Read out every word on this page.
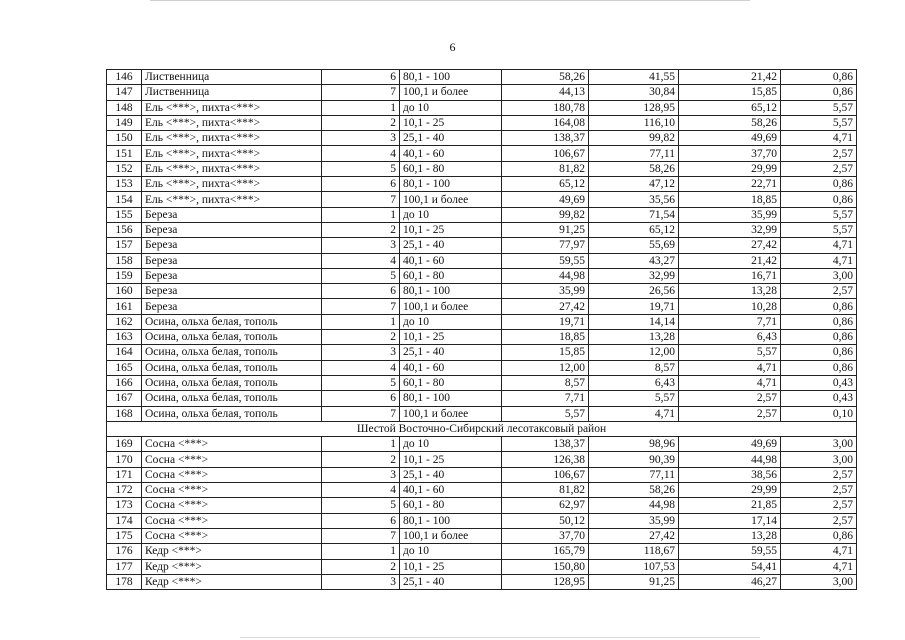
6
146	Лиственница	6	80,1 - 100	58,26	41,55	21,42	0,86
147	Лиственница	7	100,1 и более	44,13	30,84	15,85	0,86
148	Ель <***>, пихта<***>	1	до 10	180,78	128,95	65,12	5,57
149	Ель <***>, пихта<***>	2	10,1 - 25	164,08	116,10	58,26	5,57
150	Ель <***>, пихта<***>	3	25,1 - 40	138,37	99,82	49,69	4,71
151	Ель <***>, пихта<***>	4	40,1 - 60	106,67	77,11	37,70	2,57
152	Ель <***>, пихта<***>	5	60,1 - 80	81,82	58,26	29,99	2,57
153	Ель <***>, пихта<***>	6	80,1 - 100	65,12	47,12	22,71	0,86
154	Ель <***>, пихта<***>	7	100,1 и более	49,69	35,56	18,85	0,86
155	Береза	1	до 10	99,82	71,54	35,99	5,57
156	Береза	2	10,1 - 25	91,25	65,12	32,99	5,57
157	Береза	3	25,1 - 40	77,97	55,69	27,42	4,71
158	Береза	4	40,1 - 60	59,55	43,27	21,42	4,71
159	Береза	5	60,1 - 80	44,98	32,99	16,71	3,00
160	Береза	6	80,1 - 100	35,99	26,56	13,28	2,57
161	Береза	7	100,1 и более	27,42	19,71	10,28	0,86
162	Осина, ольха белая, тополь	1	до 10	19,71	14,14	7,71	0,86
163	Осина, ольха белая, тополь	2	10,1 - 25	18,85	13,28	6,43	0,86
164	Осина, ольха белая, тополь	3	25,1 - 40	15,85	12,00	5,57	0,86
165	Осина, ольха белая, тополь	4	40,1 - 60	12,00	8,57	4,71	0,86
166	Осина, ольха белая, тополь	5	60,1 - 80	8,57	6,43	4,71	0,43
167	Осина, ольха белая, тополь	6	80,1 - 100	7,71	5,57	2,57	0,43
168	Осина, ольха белая, тополь	7	100,1 и более	5,57	4,71	2,57	0,10
Шестой Восточно-Сибирский лесотаксовый район							
169	Сосна <***>	1	до 10	138,37	98,96	49,69	3,00
170	Сосна <***>	2	10,1 - 25	126,38	90,39	44,98	3,00
171	Сосна <***>	3	25,1 - 40	106,67	77,11	38,56	2,57
172	Сосна <***>	4	40,1 - 60	81,82	58,26	29,99	2,57
173	Сосна <***>	5	60,1 - 80	62,97	44,98	21,85	2,57
174	Сосна <***>	6	80,1 - 100	50,12	35,99	17,14	2,57
175	Сосна <***>	7	100,1 и более	37,70	27,42	13,28	0,86
176	Кедр <***>	1	до 10	165,79	118,67	59,55	4,71
177	Кедр <***>	2	10,1 - 25	150,80	107,53	54,41	4,71
178	Кедр <***>	3	25,1 - 40	128,95	91,25	46,27	3,00
